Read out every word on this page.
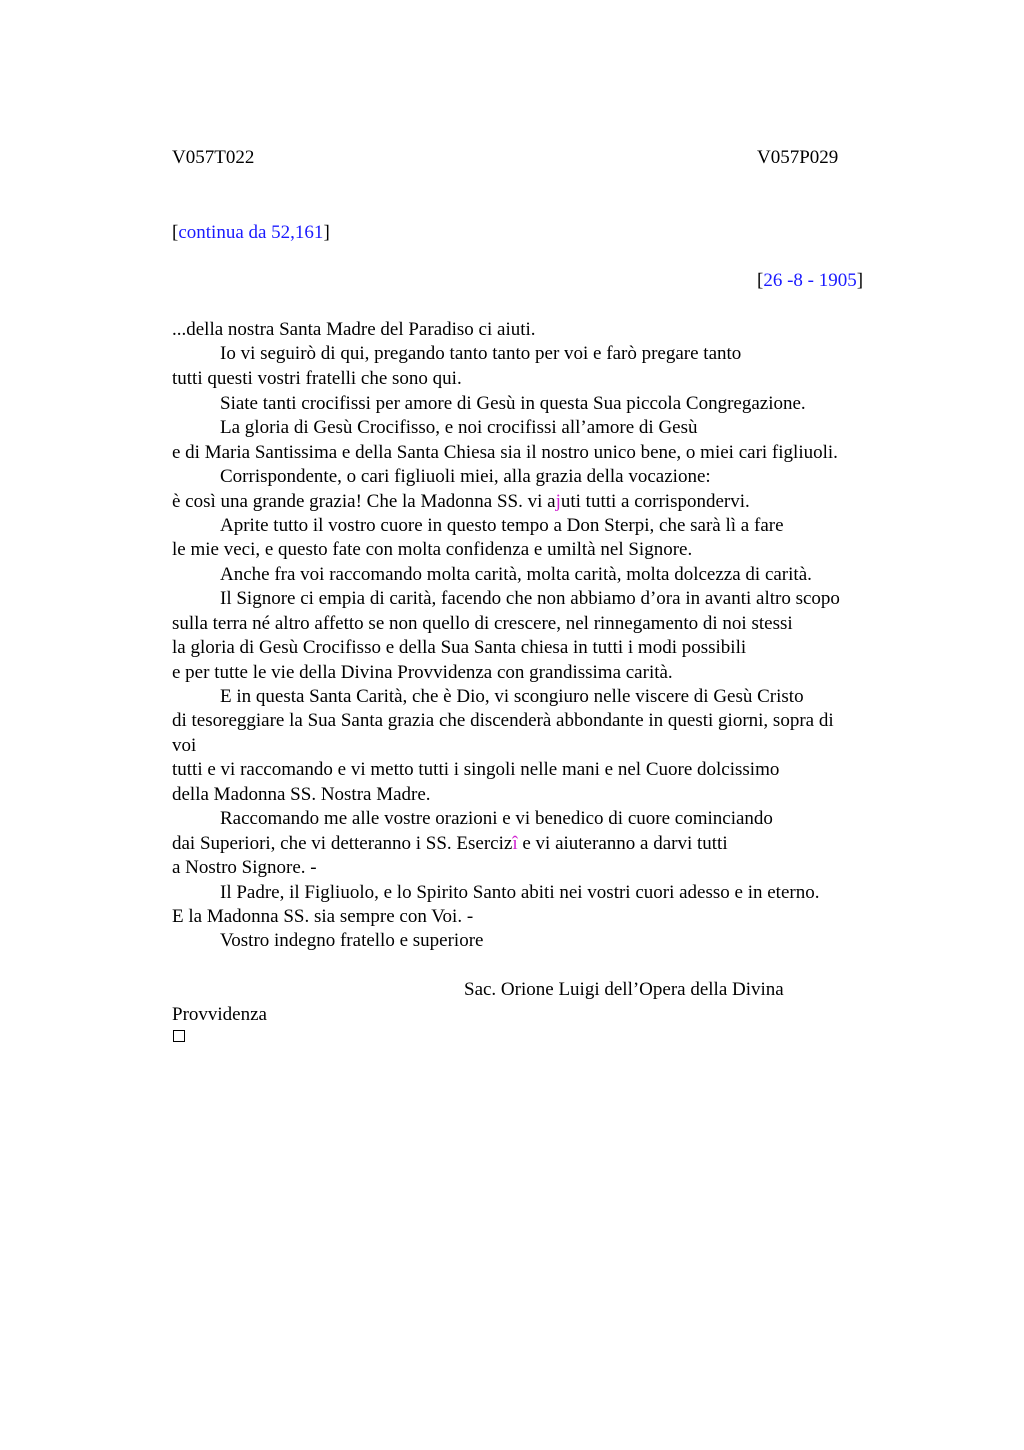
V057T022	V057P029
[continua da 52,161]
[26 -8 - 1905]
...della nostra Santa Madre del Paradiso ci aiuti.
Io vi seguirò di qui, pregando tanto tanto per voi e farò pregare tanto
tutti questi vostri fratelli che sono qui.
Siate tanti crocifissi per amore di Gesù in questa Sua piccola Congregazione.
La gloria di Gesù Crocifisso, e noi crocifissi all’amore di Gesù
e di Maria Santissima e della Santa Chiesa sia il nostro unico bene, o miei cari figliuoli.
Corrispondente, o cari figliuoli miei, alla grazia della vocazione:
è così una grande grazia! Che la Madonna SS. vi ajuti tutti a corrispondervi.
Aprite tutto il vostro cuore in questo tempo a Don Sterpi, che sarà lì a fare
le mie veci, e questo fate con molta confidenza e umiltà nel Signore.
Anche fra voi raccomando molta carità, molta carità, molta dolcezza di carità.
Il Signore ci empia di carità, facendo che non abbiamo d’ora in avanti altro scopo
sulla terra né altro affetto se non quello di crescere, nel rinnegamento di noi stessi
la gloria di Gesù Crocifisso e della Sua Santa chiesa in tutti i modi possibili
e per tutte le vie della Divina Provvidenza con grandissima carità.
E in questa Santa Carità, che è Dio, vi scongiuro nelle viscere di Gesù Cristo
di tesoreggiare la Sua Santa grazia che discenderà abbondante in questi giorni, sopra di
voi
tutti e vi raccomando e vi metto tutti i singoli nelle mani e nel Cuore dolcissimo
della Madonna SS. Nostra Madre.
Raccomando me alle vostre orazioni e vi benedico di cuore cominciando
dai Superiori, che vi detteranno i SS. Esercizî e vi aiuteranno a darvi tutti
a Nostro Signore. -
Il Padre, il Figliuolo, e lo Spirito Santo abiti nei vostri cuori adesso e in eterno.
E la Madonna SS. sia sempre con Voi. -
Vostro indegno fratello e superiore
Sac. Orione Luigi dell’Opera della Divina
Provvidenza
